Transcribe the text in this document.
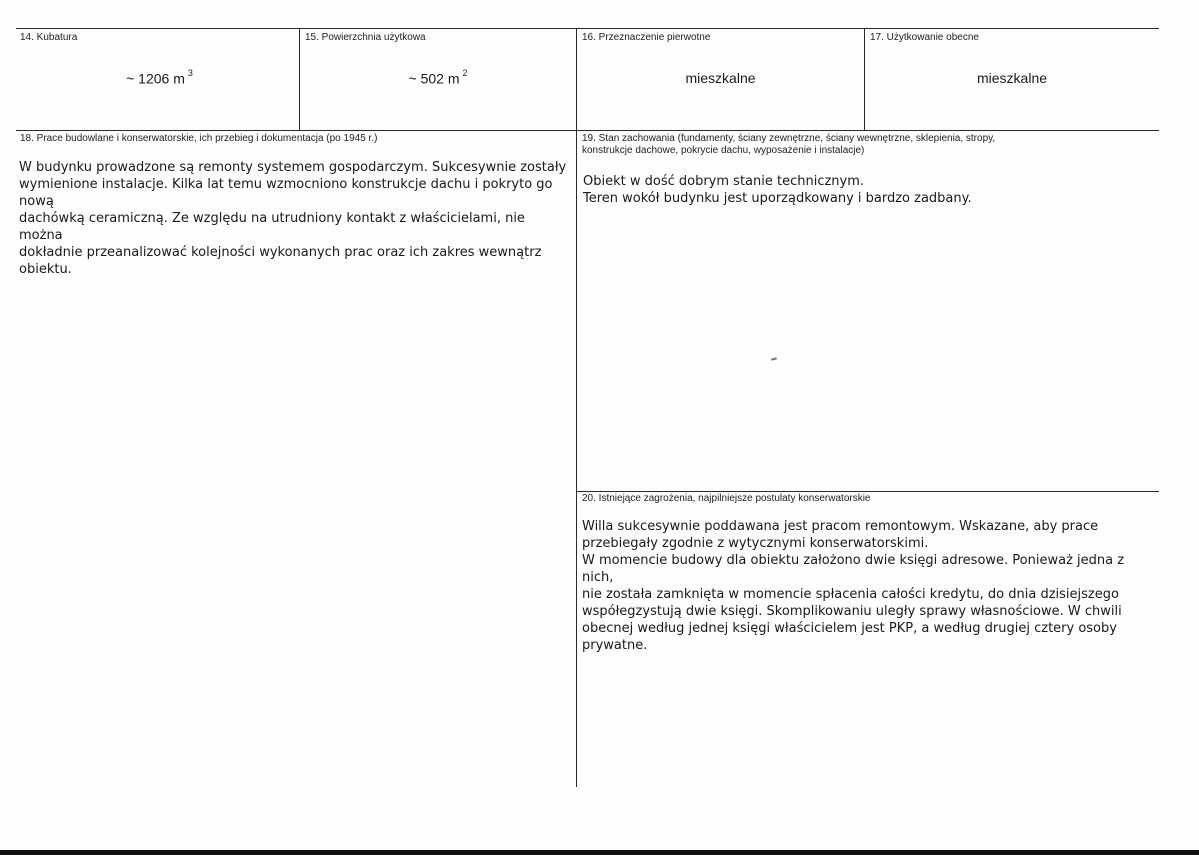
14. Kubatura
~ 1206 m $^3$
15. Powierzchnia użytkowa
~ 502 m $^2$
16. Przeznaczenie pierwotne
mieszkalne
17. Użytkowanie obecne
mieszkalne
18. Prace budowlane i konserwatorskie, ich przebieg i dokumentacja (po 1945 r.)
W budynku prowadzone są remonty systemem gospodarczym. Sukcesywnie zostały
wymienione instalacje. Kilka lat temu wzmocniono konstrukcje dachu i pokryto go nową
dachówką ceramiczną. Ze względu na utrudniony kontakt z właścicielami, nie można
dokładnie przeanalizować kolejności wykonanych prac oraz ich zakres wewnątrz
obiektu.
19. Stan zachowania (fundamenty, ściany zewnętrzne, ściany wewnętrzne, sklepienia, stropy,
konstrukcje dachowe, pokrycie dachu, wyposażenie i instalacje)
Obiekt w dość dobrym stanie technicznym.
Teren wokół budynku jest uporządkowany i bardzo zadbany.
20. Istniejące zagrożenia, najpilniejsze postulaty konserwatorskie
Willa sukcesywnie poddawana jest pracom remontowym. Wskazane, aby prace
przebiegały zgodnie z wytycznymi konserwatorskimi.
W momencie budowy dla obiektu założono dwie księgi adresowe. Ponieważ jedna z nich,
nie została zamknięta w momencie spłacenia całości kredytu, do dnia dzisiejszego
współegzystują dwie księgi. Skomplikowaniu uległy sprawy własnościowe. W chwili
obecnej według jednej księgi właścicielem jest PKP, a według drugiej cztery osoby
prywatne.
